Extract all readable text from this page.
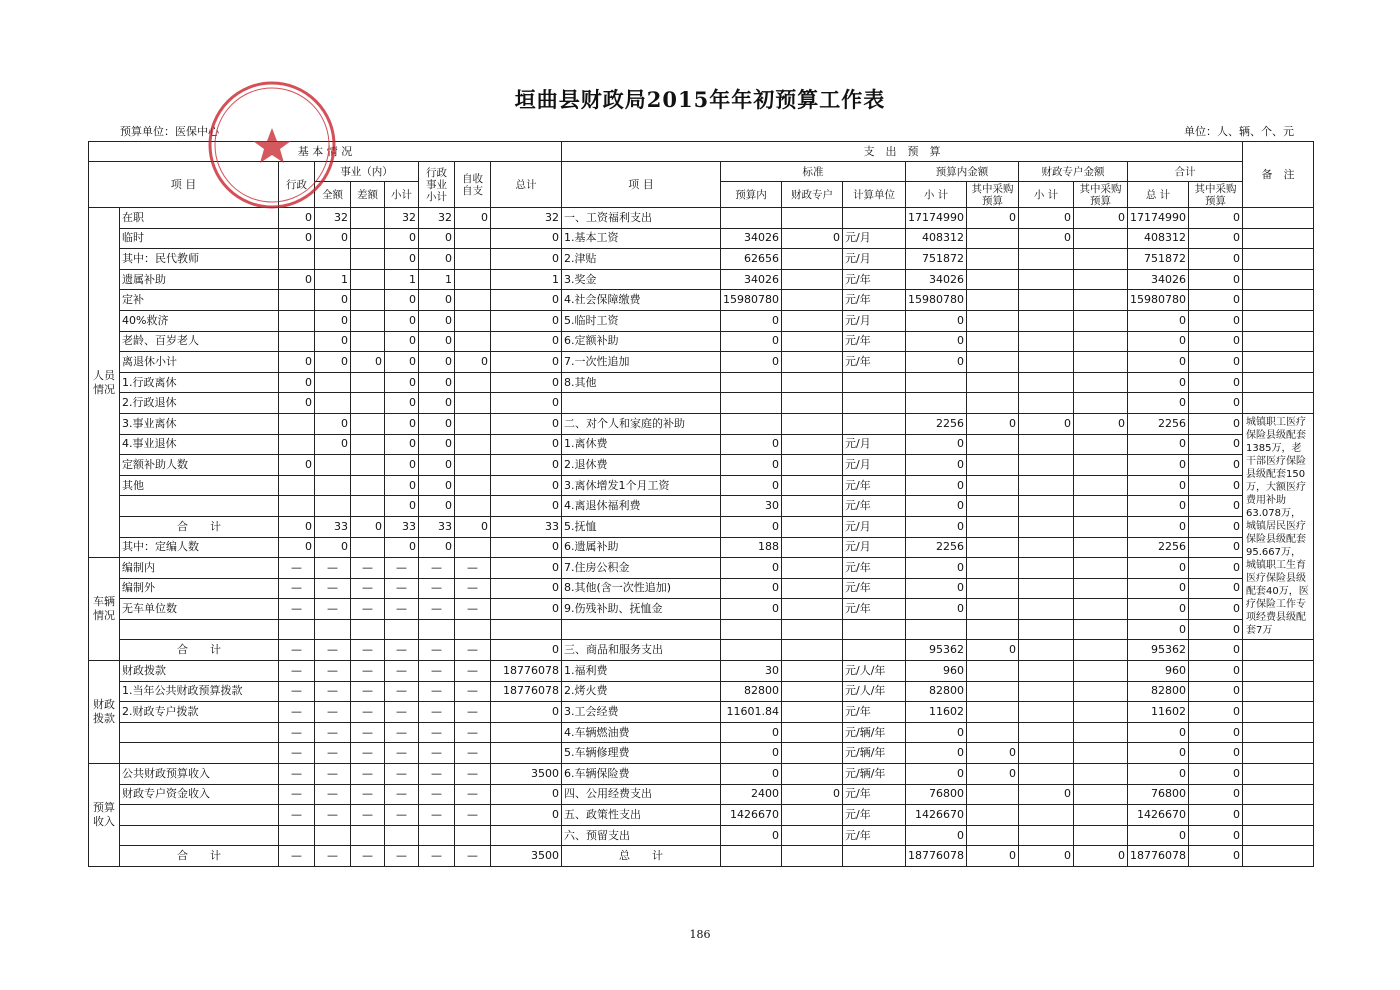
垣曲县财政局2015年年初预算工作表
预算单位：医保中心	单位：人、辆、个、元
基 本 情 况									支　出　预　算										备　注
项 目		行政	事业（内）			行政事业小计	自收自支	总计	项 目	标准			预算内金额		财政专户金额		合计		
			全额	差额	小计					预算内	财政专户	计算单位	小 计	其中采购预算	小 计	其中采购预算	总 计	其中采购预算	
人员情况	在职	0	32		32	32	0	32	一、工资福利支出				17174990	0	0	0	17174990	0	
	临时	0	0		0	0		0	1.基本工资	34026	0	元/月	408312		0		408312	0	
	其中：民代教师				0	0		0	2.津贴	62656		元/月	751872				751872	0	
	遗属补助	0	1		1	1		1	3.奖金	34026		元/年	34026				34026	0	
	定补		0		0	0		0	4.社会保障缴费	15980780		元/年	15980780				15980780	0	
	40%救济		0		0	0		0	5.临时工资	0		元/月	0				0	0	
	老龄、百岁老人		0		0	0		0	6.定额补助	0		元/年	0				0	0	
	离退休小计	0	0	0	0	0	0	0	7.一次性追加	0		元/年	0				0	0	
	1.行政离休	0			0	0		0	8.其他								0	0	
	2.行政退休	0			0	0		0									0	0	
	3.事业离休		0		0	0		0	二、对个人和家庭的补助				2256	0	0	0	2256	0	城镇职工医疗保险县级配套1385万，老干部医疗保险县级配套150万，大额医疗费用补助63.078万，城镇居民医疗保险县级配套95.667万，城镇职工生育医疗保险县级配套40万，医疗保险工作专项经费县级配套7万
	4.事业退休		0		0	0		0	1.离休费	0		元/月	0				0	0	
	定额补助人数	0			0	0		0	2.退休费	0		元/月	0				0	0	
	其他				0	0		0	3.离休增发1个月工资	0		元/年	0				0	0	
					0	0		0	4.离退休福利费	30		元/年	0				0	0	
	合　　计	0	33	0	33	33	0	33	5.抚恤	0		元/月	0				0	0	
	其中：定编人数	0	0		0	0		0	6.遗属补助	188		元/月	2256				2256	0	
车辆情况	编制内	—	—	—	—	—	—	0	7.住房公积金	0		元/年	0				0	0	
	编制外	—	—	—	—	—	—	0	8.其他(含一次性追加)	0		元/年	0				0	0	
	无车单位数	—	—	—	—	—	—	0	9.伤残补助、抚恤金	0		元/年	0				0	0	
																	0	0	
	合　　计	—	—	—	—	—	—	0	三、商品和服务支出				95362	0			95362	0	
财政拨款	财政拨款	—	—	—	—	—	—	18776078	1.福利费	30		元/人/年	960				960	0	
	1.当年公共财政预算拨款	—	—	—	—	—	—	18776078	2.烤火费	82800		元/人/年	82800				82800	0	
	2.财政专户拨款	—	—	—	—	—	—	0	3.工会经费	11601.84		元/年	11602				11602	0	
		—	—	—	—	—	—		4.车辆燃油费	0		元/辆/年	0				0	0	
		—	—	—	—	—	—		5.车辆修理费	0		元/辆/年	0	0			0	0	
预算收入	公共财政预算收入	—	—	—	—	—	—	3500	6.车辆保险费	0		元/辆/年	0	0			0	0	
	财政专户资金收入	—	—	—	—	—	—	0	四、公用经费支出	2400	0	元/年	76800		0		76800	0	
		—	—	—	—	—	—	0	五、政策性支出	1426670		元/年	1426670				1426670	0	
									六、预留支出	0		元/年	0				0	0	
	合　　计	—	—	—	—	—	—	3500	总　　计				18776078	0	0	0	18776078	0	
186
